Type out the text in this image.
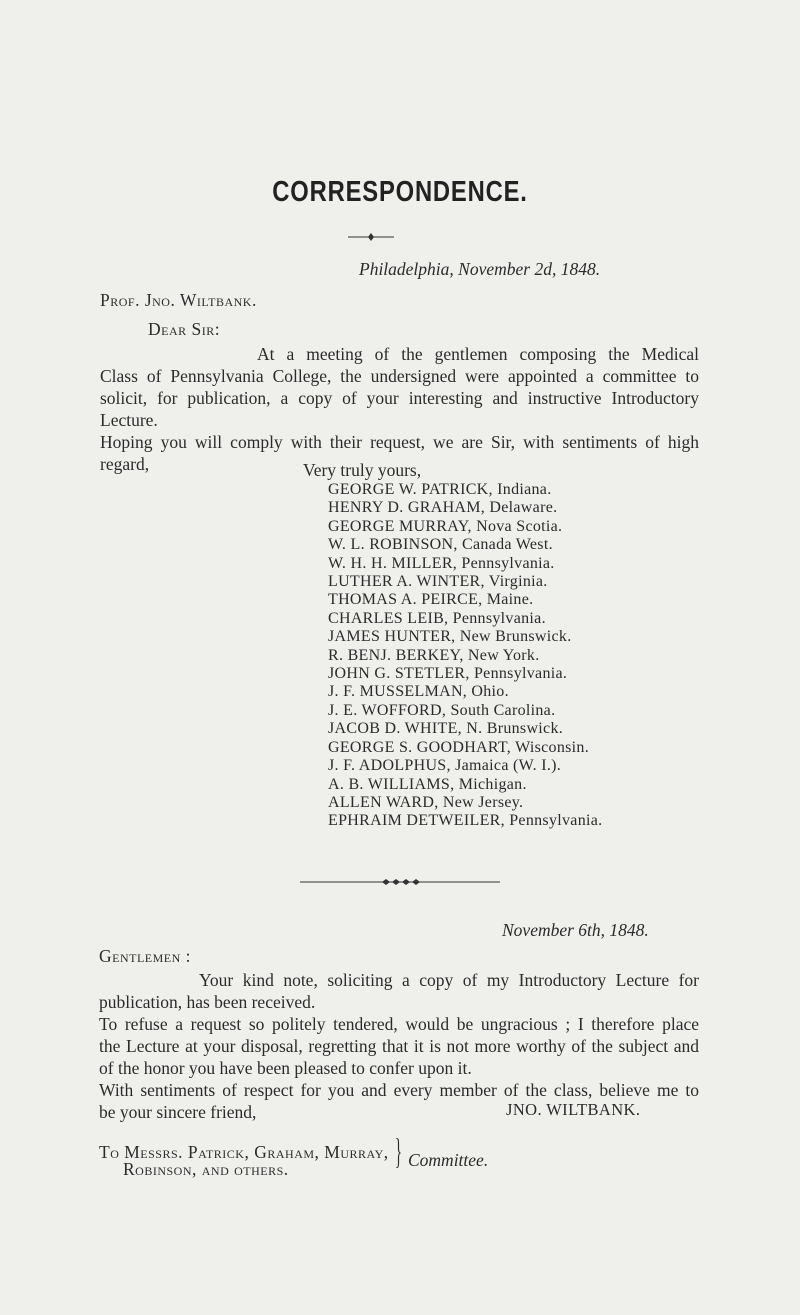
CORRESPONDENCE.
Philadelphia, November 2d, 1848.
Prof. Jno. Wiltbank.
Dear Sir:
At a meeting of the gentlemen composing the Medical
Class of Pennsylvania College, the undersigned were appointed a committee to
solicit, for publication, a copy of your interesting and instructive Introductory
Lecture.
Hoping you will comply with their request, we are Sir, with sentiments of high
regard,	Very truly yours,
GEORGE W. PATRICK, Indiana.
HENRY D. GRAHAM, Delaware.
GEORGE MURRAY, Nova Scotia.
W. L. ROBINSON, Canada West.
W. H. H. MILLER, Pennsylvania.
LUTHER A. WINTER, Virginia.
THOMAS A. PEIRCE, Maine.
CHARLES LEIB, Pennsylvania.
JAMES HUNTER, New Brunswick.
R. BENJ. BERKEY, New York.
JOHN G. STETLER, Pennsylvania.
J. F. MUSSELMAN, Ohio.
J. E. WOFFORD, South Carolina.
JACOB D. WHITE, N. Brunswick.
GEORGE S. GOODHART, Wisconsin.
J. F. ADOLPHUS, Jamaica (W. I.).
A. B. WILLIAMS, Michigan.
ALLEN WARD, New Jersey.
EPHRAIM DETWEILER, Pennsylvania.
November 6th, 1848.
Gentlemen :
Your kind note, soliciting a copy of my Introductory Lecture for
publication, has been received.
To refuse a request so politely tendered, would be ungracious ; I therefore place
the Lecture at your disposal, regretting that it is not more worthy of the subject and
of the honor you have been pleased to confer upon it.
With sentiments of respect for you and every member of the class, believe me to
be your sincere friend,	JNO. WILTBANK.
To Messrs. Patrick, Graham, Murray,
Robinson, and others.	} Committee.
